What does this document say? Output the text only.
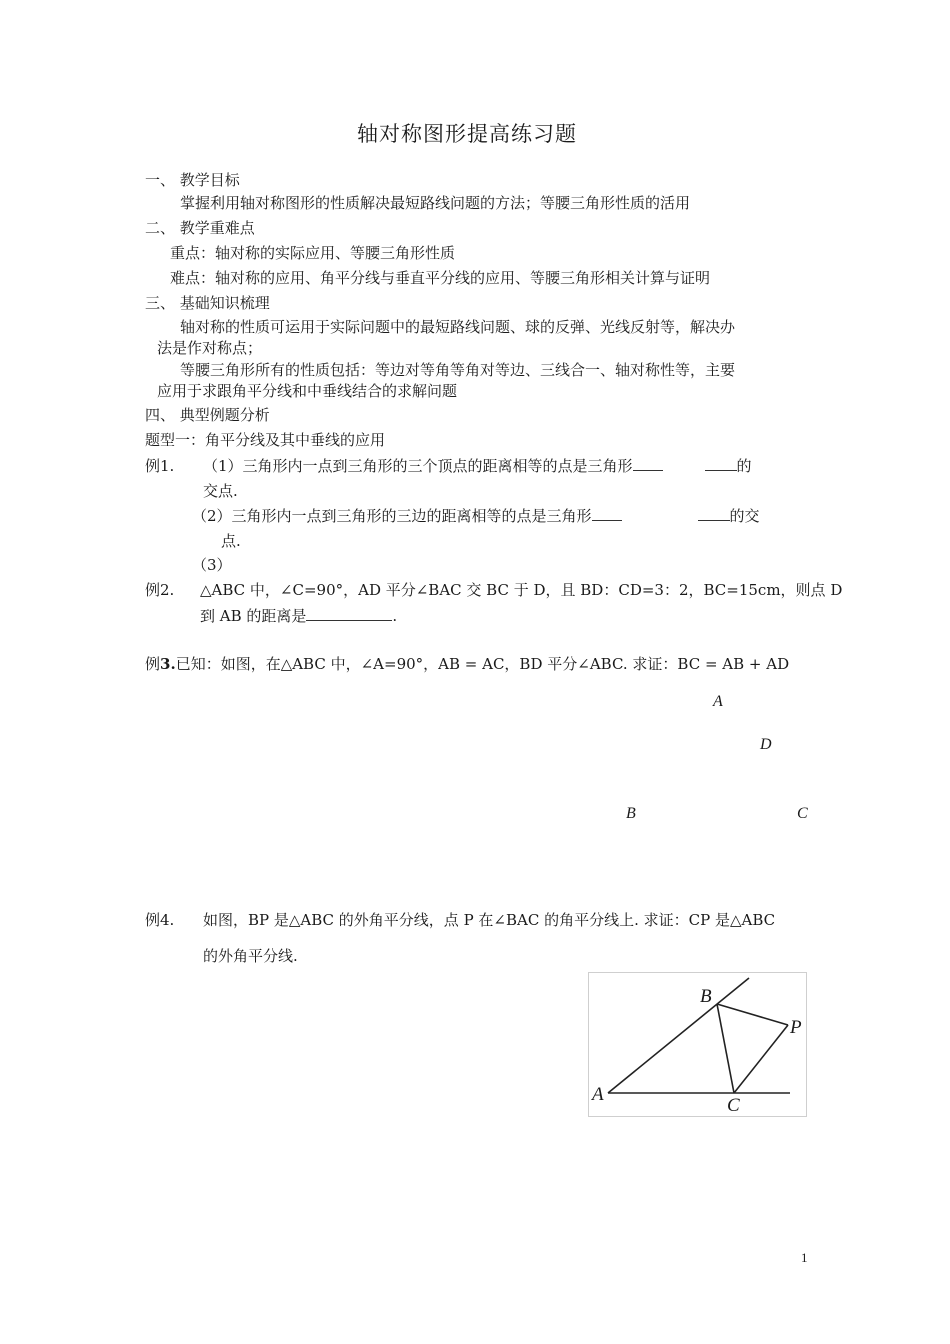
轴对称图形提高练习题
一、 教学目标
掌握利用轴对称图形的性质解决最短路线问题的方法；等腰三角形性质的活用
二、 教学重难点
重点：轴对称的实际应用、等腰三角形性质
难点：轴对称的应用、角平分线与垂直平分线的应用、等腰三角形相关计算与证明
三、 基础知识梳理
轴对称的性质可运用于实际问题中的最短路线问题、球的反弹、光线反射等，解决办
法是作对称点；
等腰三角形所有的性质包括：等边对等角等角对等边、三线合一、轴对称性等，主要
应用于求跟角平分线和中垂线结合的求解问题
四、 典型例题分析
题型一：角平分线及其中垂线的应用
例1. （1）三角形内一点到三角形的三个顶点的距离相等的点是三角形	的
交点.
（2）三角形内一点到三角形的三边的距离相等的点是三角形	的交
点.
（3）
例2. △ABC 中，∠C=90°，AD 平分∠BAC 交 BC 于 D，且 BD：CD=3：2，BC=15cm，则点 D
到 AB 的距离是	.
例3.已知：如图，在△ABC 中，∠A=90°，AB = AC，BD 平分∠ABC. 求证：BC = AB + AD
A
D
B	C
例4. 如图，BP 是△ABC 的外角平分线，点 P 在∠BAC 的角平分线上. 求证：CP 是△ABC
的外角平分线.
B
P
A
C
1
